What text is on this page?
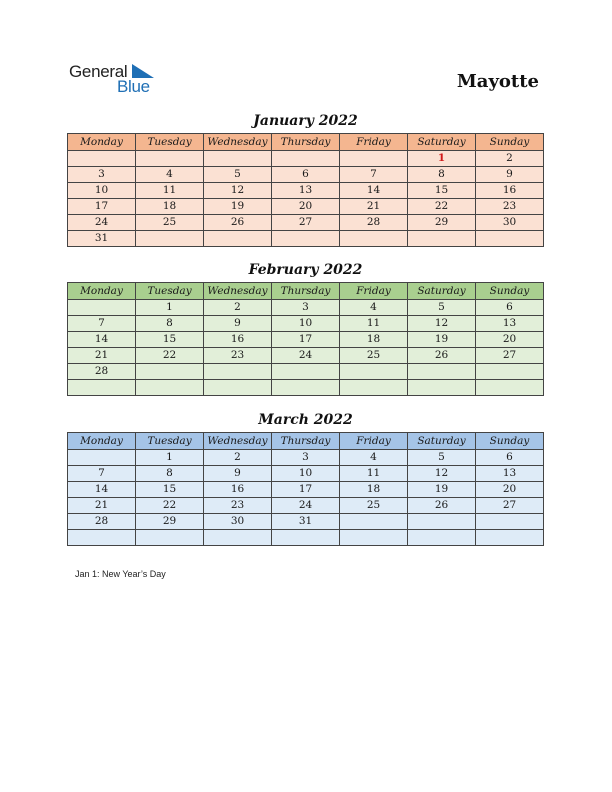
General
Blue	Mayotte
January 2022
Monday	Tuesday	Wednesday	Thursday	Friday	Saturday	Sunday
					1	2
3	4	5	6	7	8	9
10	11	12	13	14	15	16
17	18	19	20	21	22	23
24	25	26	27	28	29	30
31						
February 2022
Monday	Tuesday	Wednesday	Thursday	Friday	Saturday	Sunday
	1	2	3	4	5	6
7	8	9	10	11	12	13
14	15	16	17	18	19	20
21	22	23	24	25	26	27
28						

March 2022
Monday	Tuesday	Wednesday	Thursday	Friday	Saturday	Sunday
	1	2	3	4	5	6
7	8	9	10	11	12	13
14	15	16	17	18	19	20
21	22	23	24	25	26	27
28	29	30	31			

Jan 1: New Year’s Day
